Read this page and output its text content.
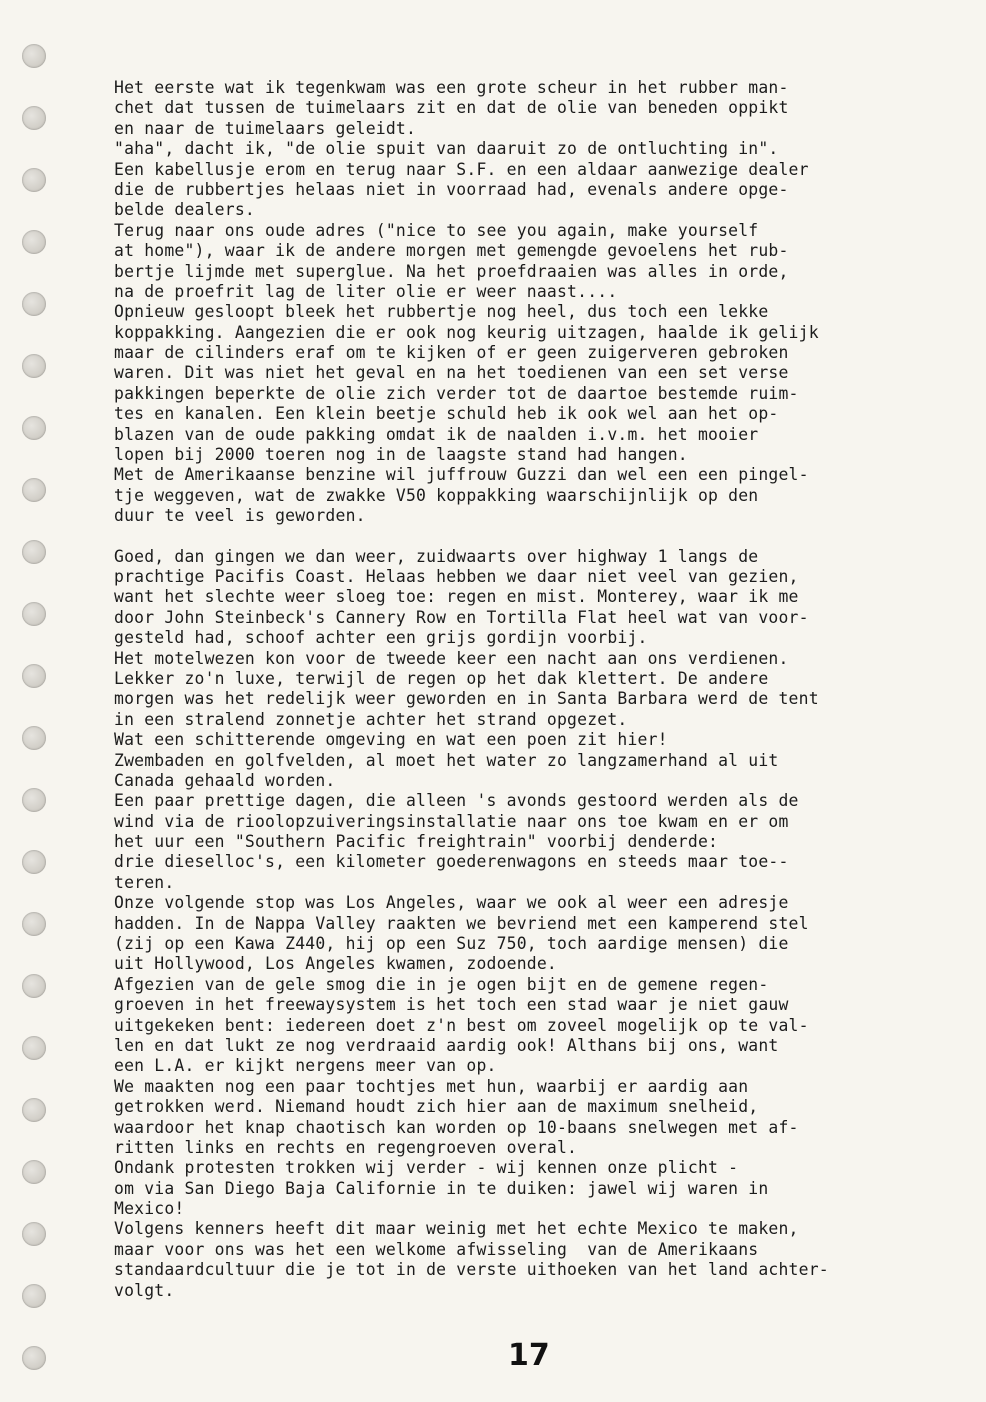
Het eerste wat ik tegenkwam was een grote scheur in het rubber man-
chet dat tussen de tuimelaars zit en dat de olie van beneden oppikt
en naar de tuimelaars geleidt.
"aha", dacht ik, "de olie spuit van daaruit zo de ontluchting in".
Een kabellusje erom en terug naar S.F. en een aldaar aanwezige dealer
die de rubbertjes helaas niet in voorraad had, evenals andere opge-
belde dealers.
Terug naar ons oude adres ("nice to see you again, make yourself
at home"), waar ik de andere morgen met gemengde gevoelens het rub-
bertje lijmde met superglue. Na het proefdraaien was alles in orde,
na de proefrit lag de liter olie er weer naast....
Opnieuw gesloopt bleek het rubbertje nog heel, dus toch een lekke
koppakking. Aangezien die er ook nog keurig uitzagen, haalde ik gelijk
maar de cilinders eraf om te kijken of er geen zuigerveren gebroken
waren. Dit was niet het geval en na het toedienen van een set verse
pakkingen beperkte de olie zich verder tot de daartoe bestemde ruim-
tes en kanalen. Een klein beetje schuld heb ik ook wel aan het op-
blazen van de oude pakking omdat ik de naalden i.v.m. het mooier
lopen bij 2000 toeren nog in de laagste stand had hangen.
Met de Amerikaanse benzine wil juffrouw Guzzi dan wel een een pingel-
tje weggeven, wat de zwakke V50 koppakking waarschijnlijk op den
duur te veel is geworden.
Goed, dan gingen we dan weer, zuidwaarts over highway 1 langs de
prachtige Pacifis Coast. Helaas hebben we daar niet veel van gezien,
want het slechte weer sloeg toe: regen en mist. Monterey, waar ik me
door John Steinbeck's Cannery Row en Tortilla Flat heel wat van voor-
gesteld had, schoof achter een grijs gordijn voorbij.
Het motelwezen kon voor de tweede keer een nacht aan ons verdienen.
Lekker zo'n luxe, terwijl de regen op het dak klettert. De andere
morgen was het redelijk weer geworden en in Santa Barbara werd de tent
in een stralend zonnetje achter het strand opgezet.
Wat een schitterende omgeving en wat een poen zit hier!
Zwembaden en golfvelden, al moet het water zo langzamerhand al uit
Canada gehaald worden.
Een paar prettige dagen, die alleen 's avonds gestoord werden als de
wind via de rioolopzuiveringsinstallatie naar ons toe kwam en er om
het uur een "Southern Pacific freightrain" voorbij denderde:
drie dieselloc's, een kilometer goederenwagons en steeds maar toe--
teren.
Onze volgende stop was Los Angeles, waar we ook al weer een adresje
hadden. In de Nappa Valley raakten we bevriend met een kamperend stel
(zij op een Kawa Z440, hij op een Suz 750, toch aardige mensen) die
uit Hollywood, Los Angeles kwamen, zodoende.
Afgezien van de gele smog die in je ogen bijt en de gemene regen-
groeven in het freewaysystem is het toch een stad waar je niet gauw
uitgekeken bent: iedereen doet z'n best om zoveel mogelijk op te val-
len en dat lukt ze nog verdraaid aardig ook! Althans bij ons, want
een L.A. er kijkt nergens meer van op.
We maakten nog een paar tochtjes met hun, waarbij er aardig aan
getrokken werd. Niemand houdt zich hier aan de maximum snelheid,
waardoor het knap chaotisch kan worden op 10-baans snelwegen met af-
ritten links en rechts en regengroeven overal.
Ondank protesten trokken wij verder - wij kennen onze plicht -
om via San Diego Baja Californie in te duiken: jawel wij waren in
Mexico!
Volgens kenners heeft dit maar weinig met het echte Mexico te maken,
maar voor ons was het een welkome afwisseling  van de Amerikaans
standaardcultuur die je tot in de verste uithoeken van het land achter-
volgt.
17
